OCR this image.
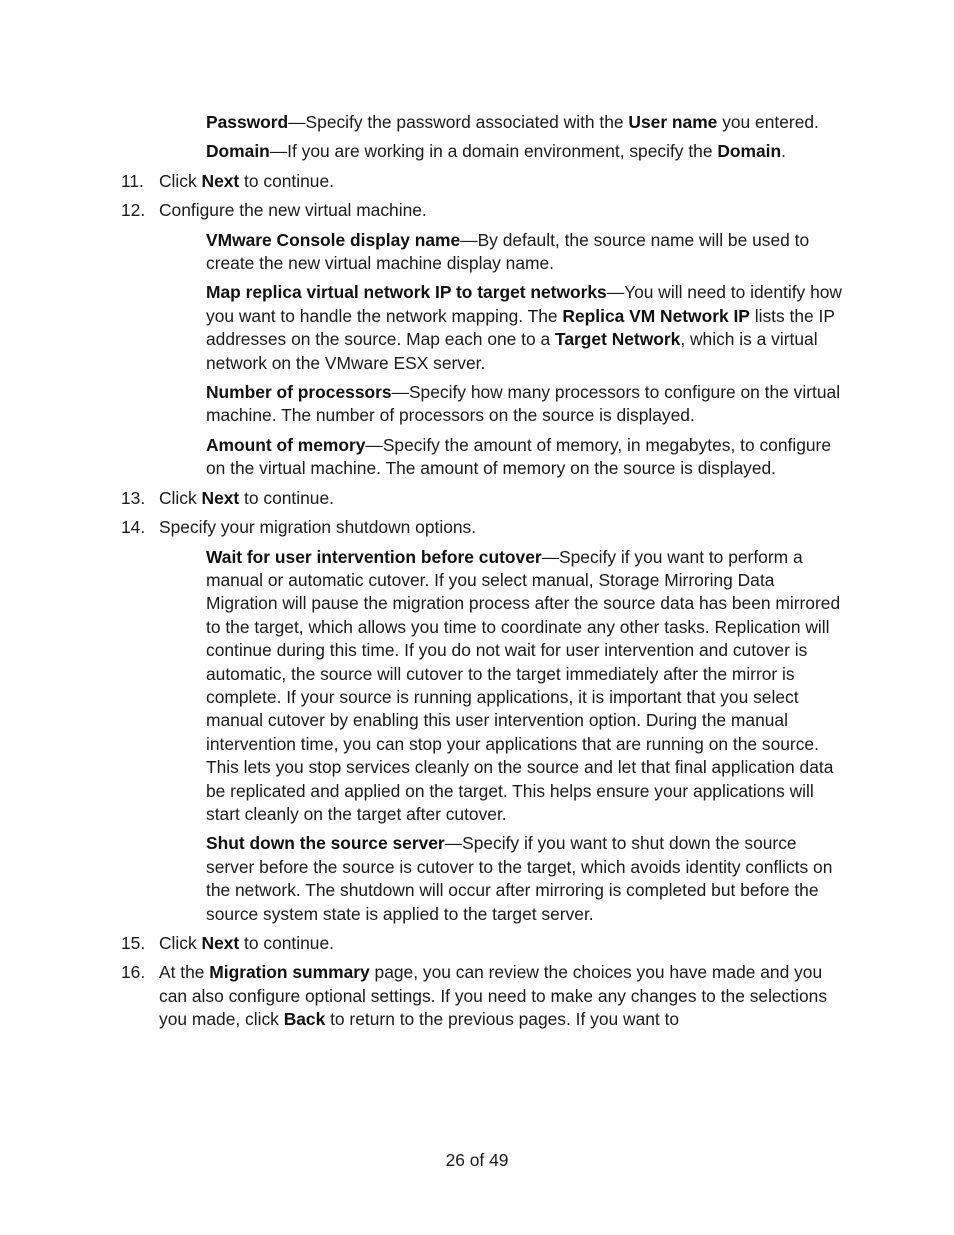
Password—Specify the password associated with the User name you entered.

Domain—If you are working in a domain environment, specify the Domain.

11. Click Next to continue.

12. Configure the new virtual machine.

VMware Console display name—By default, the source name will be used to create the new virtual machine display name.

Map replica virtual network IP to target networks—You will need to identify how you want to handle the network mapping. The Replica VM Network IP lists the IP addresses on the source. Map each one to a Target Network, which is a virtual network on the VMware ESX server.

Number of processors—Specify how many processors to configure on the virtual machine. The number of processors on the source is displayed.

Amount of memory—Specify the amount of memory, in megabytes, to configure on the virtual machine. The amount of memory on the source is displayed.

13. Click Next to continue.

14. Specify your migration shutdown options.

Wait for user intervention before cutover—Specify if you want to perform a manual or automatic cutover. If you select manual, Storage Mirroring Data Migration will pause the migration process after the source data has been mirrored to the target, which allows you time to coordinate any other tasks. Replication will continue during this time. If you do not wait for user intervention and cutover is automatic, the source will cutover to the target immediately after the mirror is complete. If your source is running applications, it is important that you select manual cutover by enabling this user intervention option. During the manual intervention time, you can stop your applications that are running on the source. This lets you stop services cleanly on the source and let that final application data be replicated and applied on the target. This helps ensure your applications will start cleanly on the target after cutover.

Shut down the source server—Specify if you want to shut down the source server before the source is cutover to the target, which avoids identity conflicts on the network. The shutdown will occur after mirroring is completed but before the source system state is applied to the target server.

15. Click Next to continue.

16. At the Migration summary page, you can review the choices you have made and you can also configure optional settings. If you need to make any changes to the selections you made, click Back to return to the previous pages. If you want to

26 of 49
